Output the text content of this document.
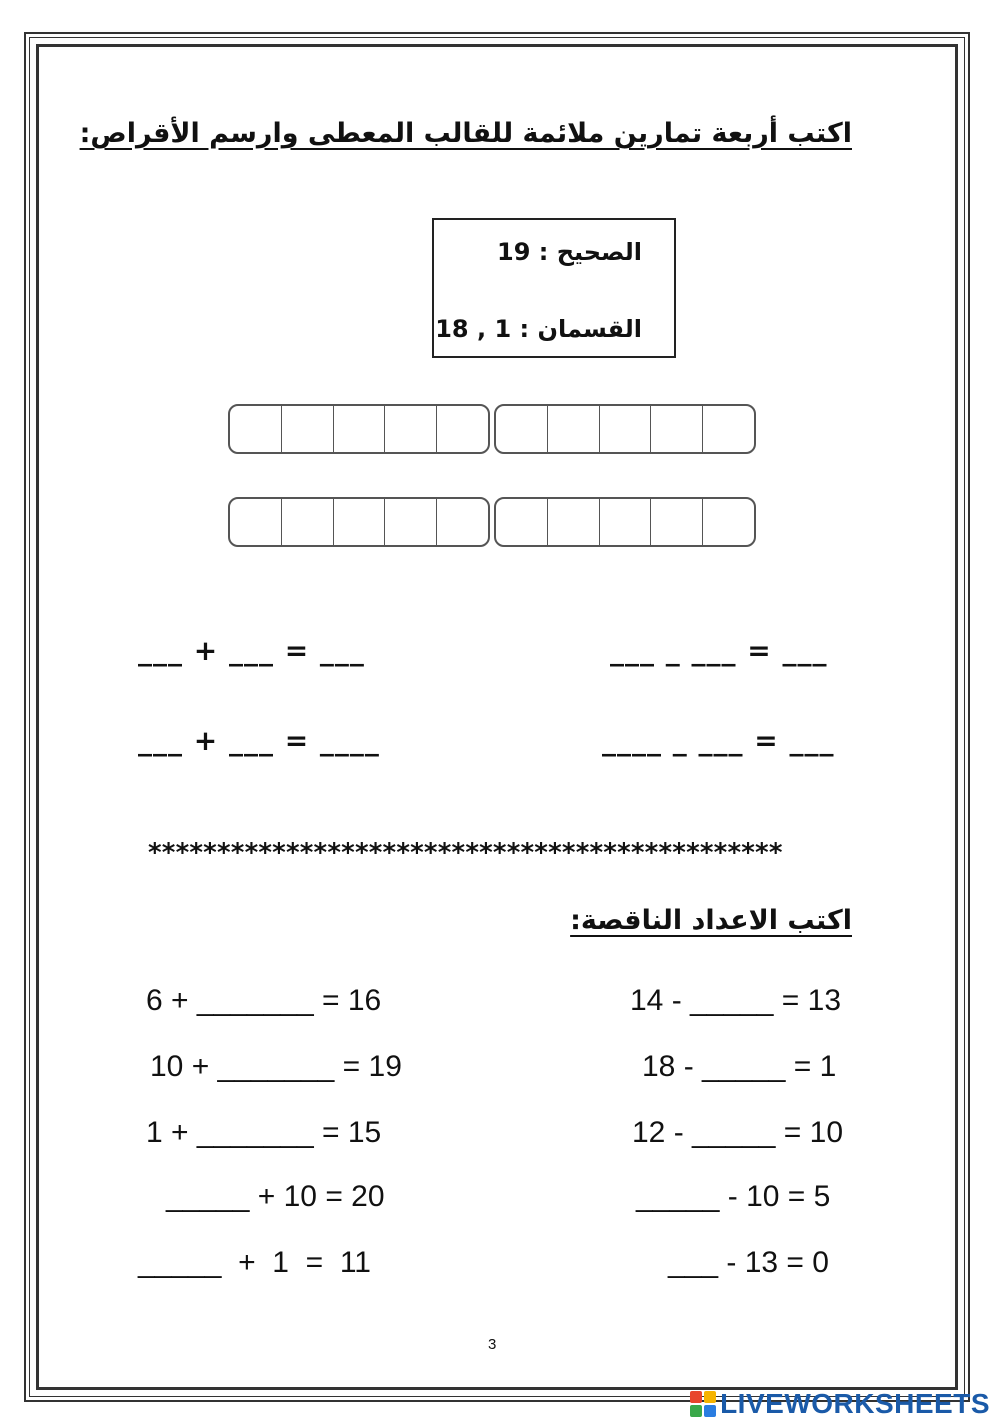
اكتب أربعة تمارين ملائمة للقالب المعطى وارسم الأقراص:
الصحيح : 19
القسمان : 1 , 18
___ + ___ = ___
___ + ___ = ____
___ _ ___ = ___
____ _ ___ = ___
**********************************************
اكتب الاعداد الناقصة:
6 + _______ = 16
10 + _______ = 19
1 + _______ = 15
_____ + 10 = 20
_____  +  1  =  11
14 - _____ = 13
18 - _____ = 1
12 - _____ = 10
_____ - 10 = 5
___ - 13 = 0
3
LIVEWORKSHEETS
